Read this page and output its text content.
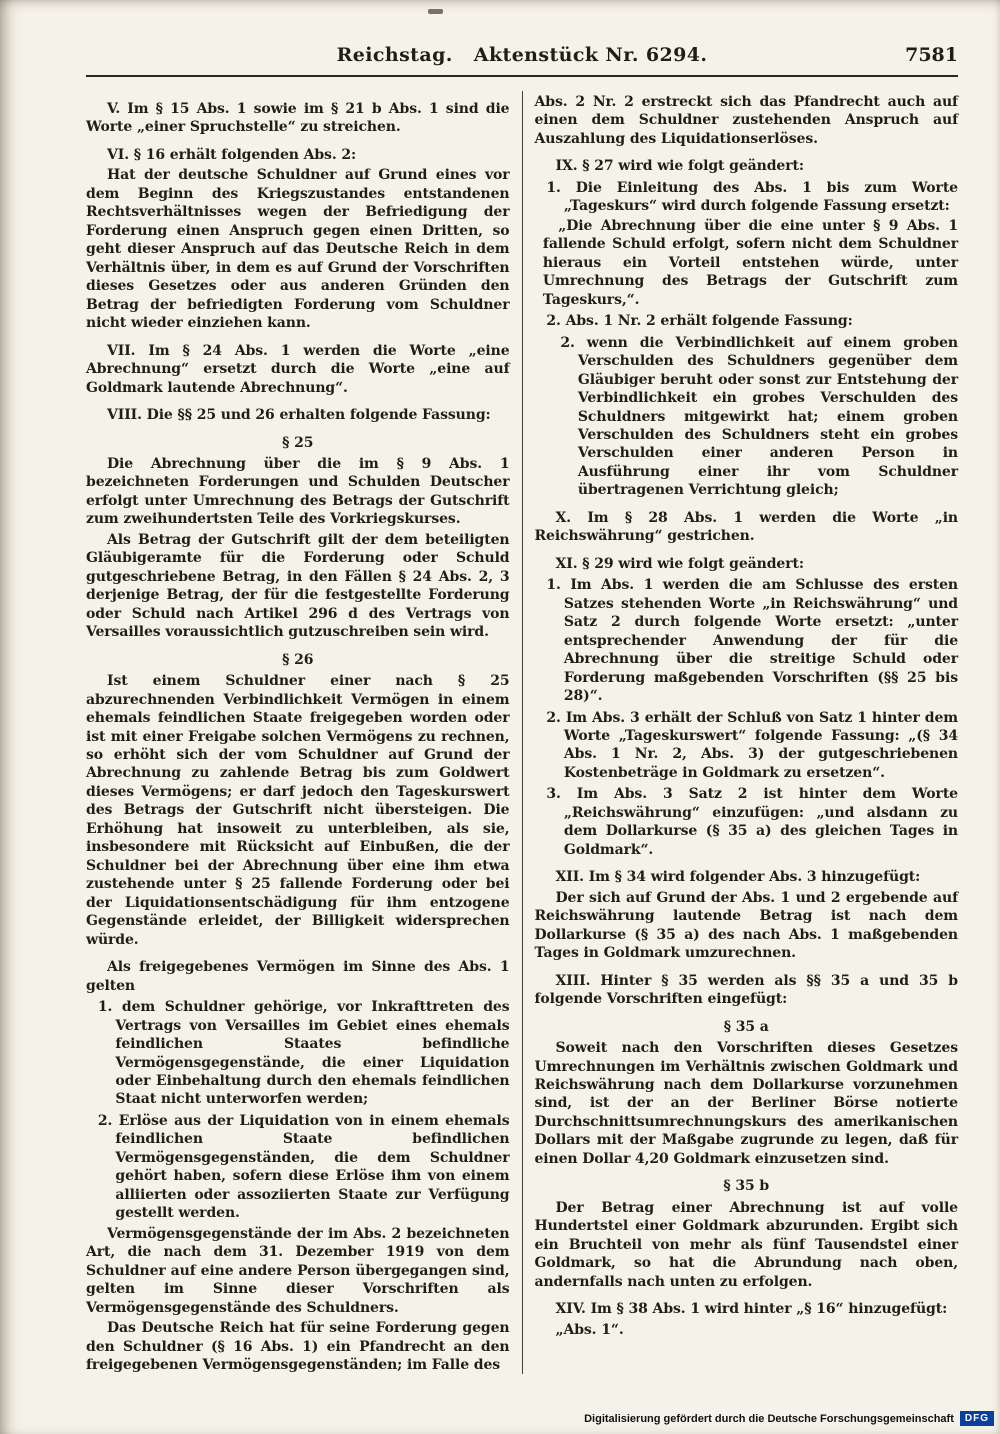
Reichstag.   Aktenstück Nr. 6294.	7581

V. Im § 15 Abs. 1 sowie im § 21 b Abs. 1 sind die Worte „einer Spruchstelle“ zu streichen.

VI. § 16 erhält folgenden Abs. 2:

Hat der deutsche Schuldner auf Grund eines vor dem Beginn des Kriegszustandes entstandenen Rechtsverhältnisses wegen der Befriedigung der Forderung einen Anspruch gegen einen Dritten, so geht dieser Anspruch auf das Deutsche Reich in dem Verhältnis über, in dem es auf Grund der Vorschriften dieses Gesetzes oder aus anderen Gründen den Betrag der befriedigten Forderung vom Schuldner nicht wieder einziehen kann.

VII. Im § 24 Abs. 1 werden die Worte „eine Abrechnung“ ersetzt durch die Worte „eine auf Goldmark lautende Abrechnung“.

VIII. Die §§ 25 und 26 erhalten folgende Fassung:

§ 25

Die Abrechnung über die im § 9 Abs. 1 bezeichneten Forderungen und Schulden Deutscher erfolgt unter Umrechnung des Betrags der Gutschrift zum zweihundertsten Teile des Vorkriegskurses.

Als Betrag der Gutschrift gilt der dem beteiligten Gläubigeramte für die Forderung oder Schuld gutgeschriebene Betrag, in den Fällen § 24 Abs. 2, 3 derjenige Betrag, der für die festgestellte Forderung oder Schuld nach Artikel 296 d des Vertrags von Versailles voraussichtlich gutzuschreiben sein wird.

§ 26

Ist einem Schuldner einer nach § 25 abzurechnenden Verbindlichkeit Vermögen in einem ehemals feindlichen Staate freigegeben worden oder ist mit einer Freigabe solchen Vermögens zu rechnen, so erhöht sich der vom Schuldner auf Grund der Abrechnung zu zahlende Betrag bis zum Goldwert dieses Vermögens; er darf jedoch den Tageskurswert des Betrags der Gutschrift nicht übersteigen. Die Erhöhung hat insoweit zu unterbleiben, als sie, insbesondere mit Rücksicht auf Einbußen, die der Schuldner bei der Abrechnung über eine ihm etwa zustehende unter § 25 fallende Forderung oder bei der Liquidationsentschädigung für ihm entzogene Gegenstände erleidet, der Billigkeit widersprechen würde.

Als freigegebenes Vermögen im Sinne des Abs. 1 gelten

1. dem Schuldner gehörige, vor Inkrafttreten des Vertrags von Versailles im Gebiet eines ehemals feindlichen Staates befindliche Vermögensgegenstände, die einer Liquidation oder Einbehaltung durch den ehemals feindlichen Staat nicht unterworfen werden;

2. Erlöse aus der Liquidation von in einem ehemals feindlichen Staate befindlichen Vermögensgegenständen, die dem Schuldner gehört haben, sofern diese Erlöse ihm von einem alliierten oder assoziierten Staate zur Verfügung gestellt werden.

Vermögensgegenstände der im Abs. 2 bezeichneten Art, die nach dem 31. Dezember 1919 von dem Schuldner auf eine andere Person übergegangen sind, gelten im Sinne dieser Vorschriften als Vermögensgegenstände des Schuldners.

Das Deutsche Reich hat für seine Forderung gegen den Schuldner (§ 16 Abs. 1) ein Pfandrecht an den freigegebenen Vermögensgegenständen; im Falle des

Abs. 2 Nr. 2 erstreckt sich das Pfandrecht auch auf einen dem Schuldner zustehenden Anspruch auf Auszahlung des Liquidationserlöses.

IX. § 27 wird wie folgt geändert:

1. Die Einleitung des Abs. 1 bis zum Worte „Tageskurs“ wird durch folgende Fassung ersetzt:

„Die Abrechnung über die eine unter § 9 Abs. 1 fallende Schuld erfolgt, sofern nicht dem Schuldner hieraus ein Vorteil entstehen würde, unter Umrechnung des Betrags der Gutschrift zum Tageskurs,“.

2. Abs. 1 Nr. 2 erhält folgende Fassung:

2. wenn die Verbindlichkeit auf einem groben Verschulden des Schuldners gegenüber dem Gläubiger beruht oder sonst zur Entstehung der Verbindlichkeit ein grobes Verschulden des Schuldners mitgewirkt hat; einem groben Verschulden des Schuldners steht ein grobes Verschulden einer anderen Person in Ausführung einer ihr vom Schuldner übertragenen Verrichtung gleich;

X. Im § 28 Abs. 1 werden die Worte „in Reichswährung“ gestrichen.

XI. § 29 wird wie folgt geändert:

1. Im Abs. 1 werden die am Schlusse des ersten Satzes stehenden Worte „in Reichswährung“ und Satz 2 durch folgende Worte ersetzt: „unter entsprechender Anwendung der für die Abrechnung über die streitige Schuld oder Forderung maßgebenden Vorschriften (§§ 25 bis 28)“.

2. Im Abs. 3 erhält der Schluß von Satz 1 hinter dem Worte „Tageskurswert“ folgende Fassung: „(§ 34 Abs. 1 Nr. 2, Abs. 3) der gutgeschriebenen Kostenbeträge in Goldmark zu ersetzen“.

3. Im Abs. 3 Satz 2 ist hinter dem Worte „Reichswährung“ einzufügen: „und alsdann zu dem Dollarkurse (§ 35 a) des gleichen Tages in Goldmark“.

XII. Im § 34 wird folgender Abs. 3 hinzugefügt:

Der sich auf Grund der Abs. 1 und 2 ergebende auf Reichswährung lautende Betrag ist nach dem Dollarkurse (§ 35 a) des nach Abs. 1 maßgebenden Tages in Goldmark umzurechnen.

XIII. Hinter § 35 werden als §§ 35 a und 35 b folgende Vorschriften eingefügt:

§ 35 a

Soweit nach den Vorschriften dieses Gesetzes Umrechnungen im Verhältnis zwischen Goldmark und Reichswährung nach dem Dollarkurse vorzunehmen sind, ist der an der Berliner Börse notierte Durchschnittsumrechnungskurs des amerikanischen Dollars mit der Maßgabe zugrunde zu legen, daß für einen Dollar 4,20 Goldmark einzusetzen sind.

§ 35 b

Der Betrag einer Abrechnung ist auf volle Hundertstel einer Goldmark abzurunden. Ergibt sich ein Bruchteil von mehr als fünf Tausendstel einer Goldmark, so hat die Abrundung nach oben, andernfalls nach unten zu erfolgen.

XIV. Im § 38 Abs. 1 wird hinter „§ 16“ hinzugefügt:

„Abs. 1“.

Digitalisierung gefördert durch die Deutsche Forschungsgemeinschaft	DFG
